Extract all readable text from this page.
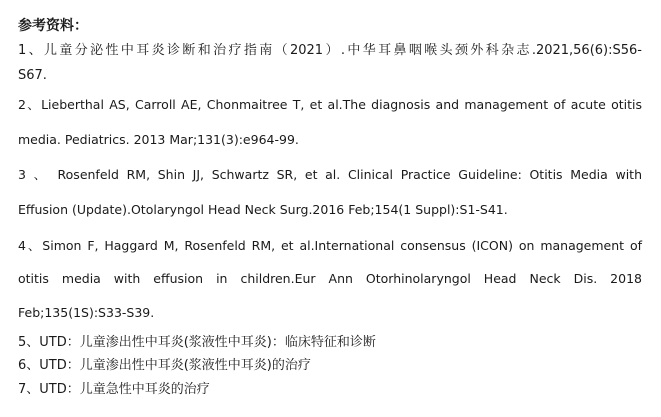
参考资料：
1、儿童分泌性中耳炎诊断和治疗指南（2021）.中华耳鼻咽喉头颈外科杂志.2021,56(6):S56-
S67.
2、Lieberthal AS, Carroll AE, Chonmaitree T, et al.The diagnosis and management of acute otitis
media. Pediatrics. 2013 Mar;131(3):e964-99.
3 、 Rosenfeld RM, Shin JJ, Schwartz SR, et al. Clinical Practice Guideline: Otitis Media with
Effusion (Update).Otolaryngol Head Neck Surg.2016 Feb;154(1 Suppl):S1-S41.
4、Simon F, Haggard M, Rosenfeld RM, et al.International consensus (ICON) on management of
otitis media with effusion in children.Eur Ann Otorhinolaryngol Head Neck Dis. 2018
Feb;135(1S):S33-S39.
5、UTD：儿童渗出性中耳炎(浆液性中耳炎)：临床特征和诊断
6、UTD：儿童渗出性中耳炎(浆液性中耳炎)的治疗
7、UTD：儿童急性中耳炎的治疗
